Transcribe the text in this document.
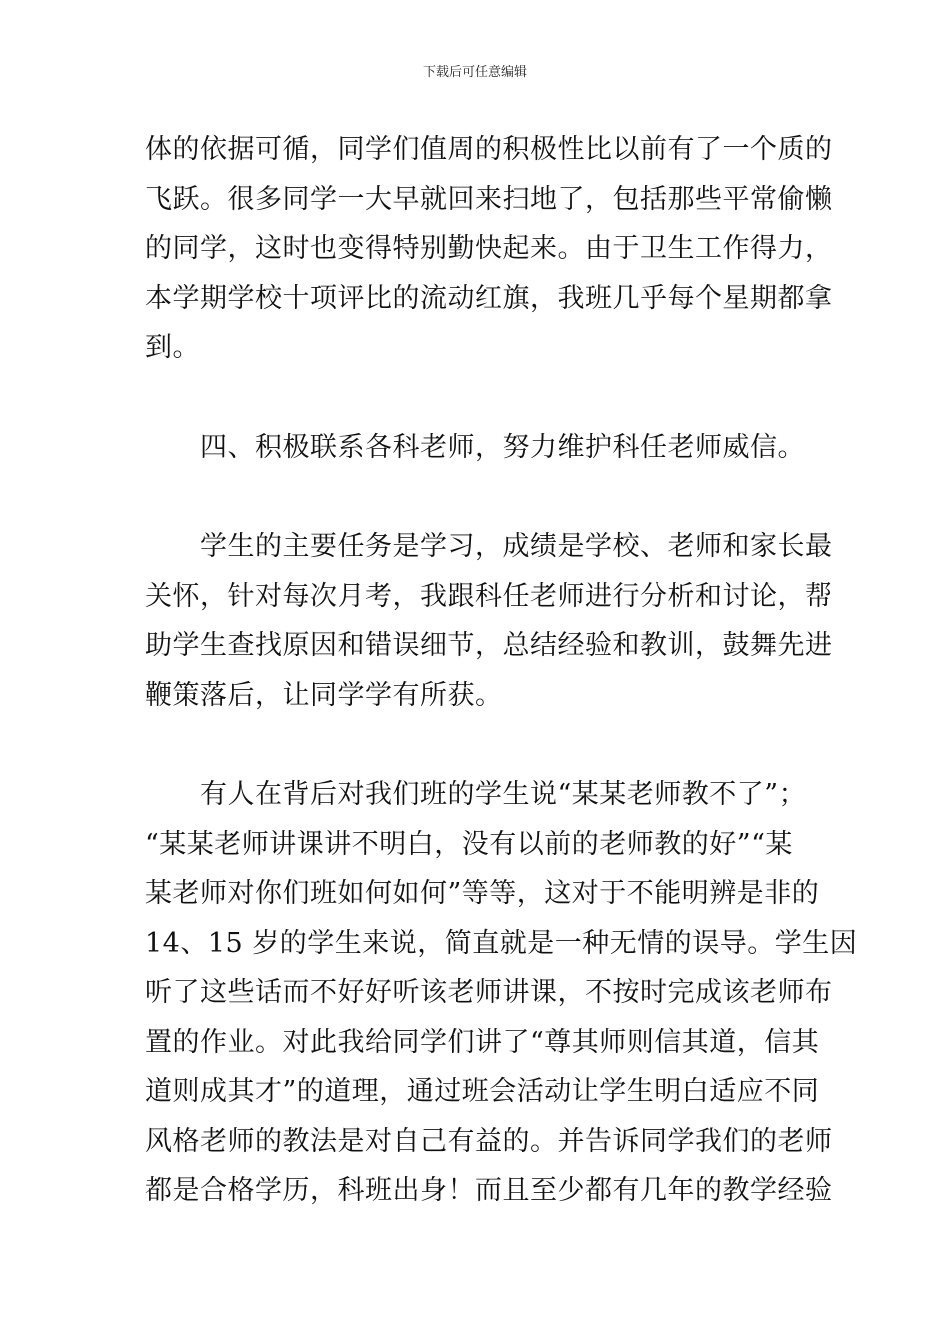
下载后可任意编辑
体的依据可循，同学们值周的积极性比以前有了一个质的
飞跃。很多同学一大早就回来扫地了，包括那些平常偷懒
的同学，这时也变得特别勤快起来。由于卫生工作得力，
本学期学校十项评比的流动红旗，我班几乎每个星期都拿
到。
　　四、积极联系各科老师，努力维护科任老师威信。
　　学生的主要任务是学习，成绩是学校、老师和家长最
关怀，针对每次月考，我跟科任老师进行分析和讨论，帮
助学生查找原因和错误细节，总结经验和教训，鼓舞先进
鞭策落后，让同学学有所获。
　　有人在背后对我们班的学生说“某某老师教不了”；
“某某老师讲课讲不明白，没有以前的老师教的好”“某
某老师对你们班如何如何”等等，这对于不能明辨是非的
14、15 岁的学生来说，简直就是一种无情的误导。学生因
听了这些话而不好好听该老师讲课，不按时完成该老师布
置的作业。对此我给同学们讲了“尊其师则信其道，信其
道则成其才”的道理，通过班会活动让学生明白适应不同
风格老师的教法是对自己有益的。并告诉同学我们的老师
都是合格学历，科班出身！而且至少都有几年的教学经验
